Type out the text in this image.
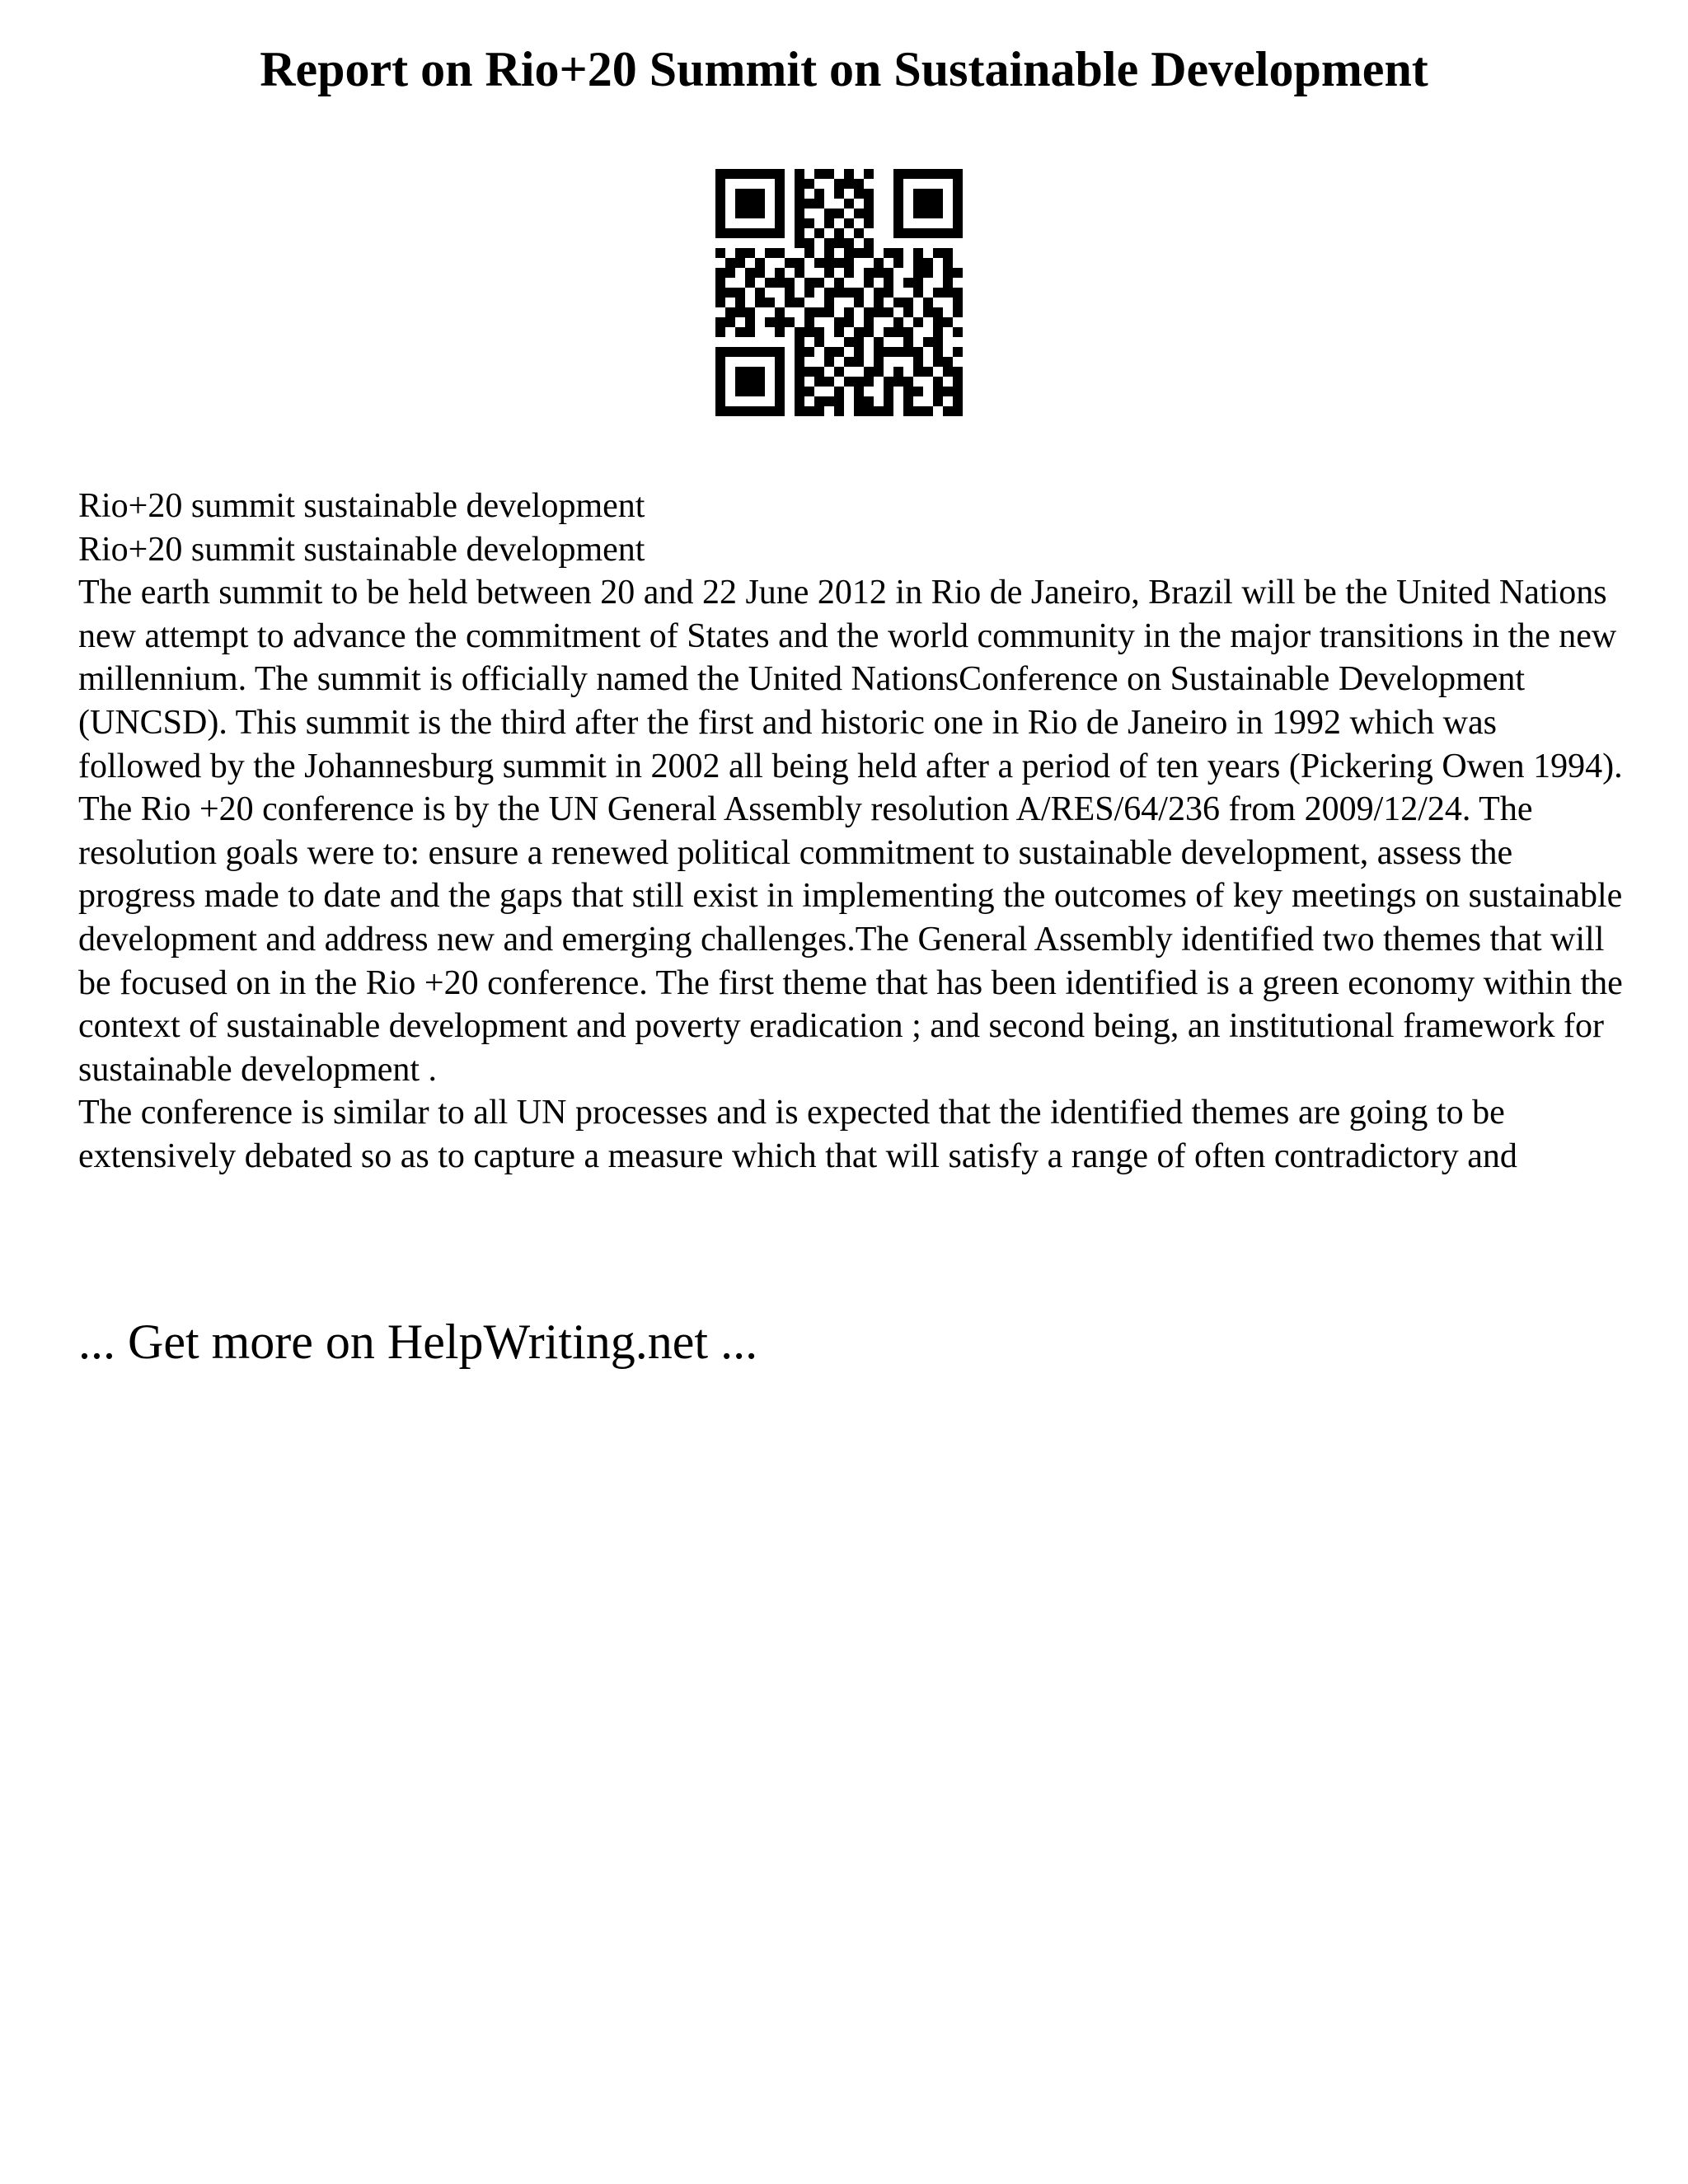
Report on Rio+20 Summit on Sustainable Development

Rio+20 summit sustainable development

Rio+20 summit sustainable development

The earth summit to be held between 20 and 22 June 2012 in Rio de Janeiro, Brazil will be the United Nations new attempt to advance the commitment of States and the world community in the major transitions in the new millennium. The summit is officially named the United NationsConference on Sustainable Development (UNCSD). This summit is the third after the first and historic one in Rio de Janeiro in 1992 which was followed by the Johannesburg summit in 2002 all being held after a period of ten years (Pickering Owen 1994).

The Rio +20 conference is by the UN General Assembly resolution A/RES/64/236 from 2009/12/24. The resolution goals were to: ensure a renewed political commitment to sustainable development, assess the progress made to date and the gaps that still exist in implementing the outcomes of key meetings on sustainable development and address new and emerging challenges.The General Assembly identified two themes that will be focused on in the Rio +20 conference. The first theme that has been identified is a green economy within the context of sustainable development and poverty eradication ; and second being, an institutional framework for sustainable development .

The conference is similar to all UN processes and is expected that the identified themes are going to be extensively debated so as to capture a measure which that will satisfy a range of often contradictory and

... Get more on HelpWriting.net ...
